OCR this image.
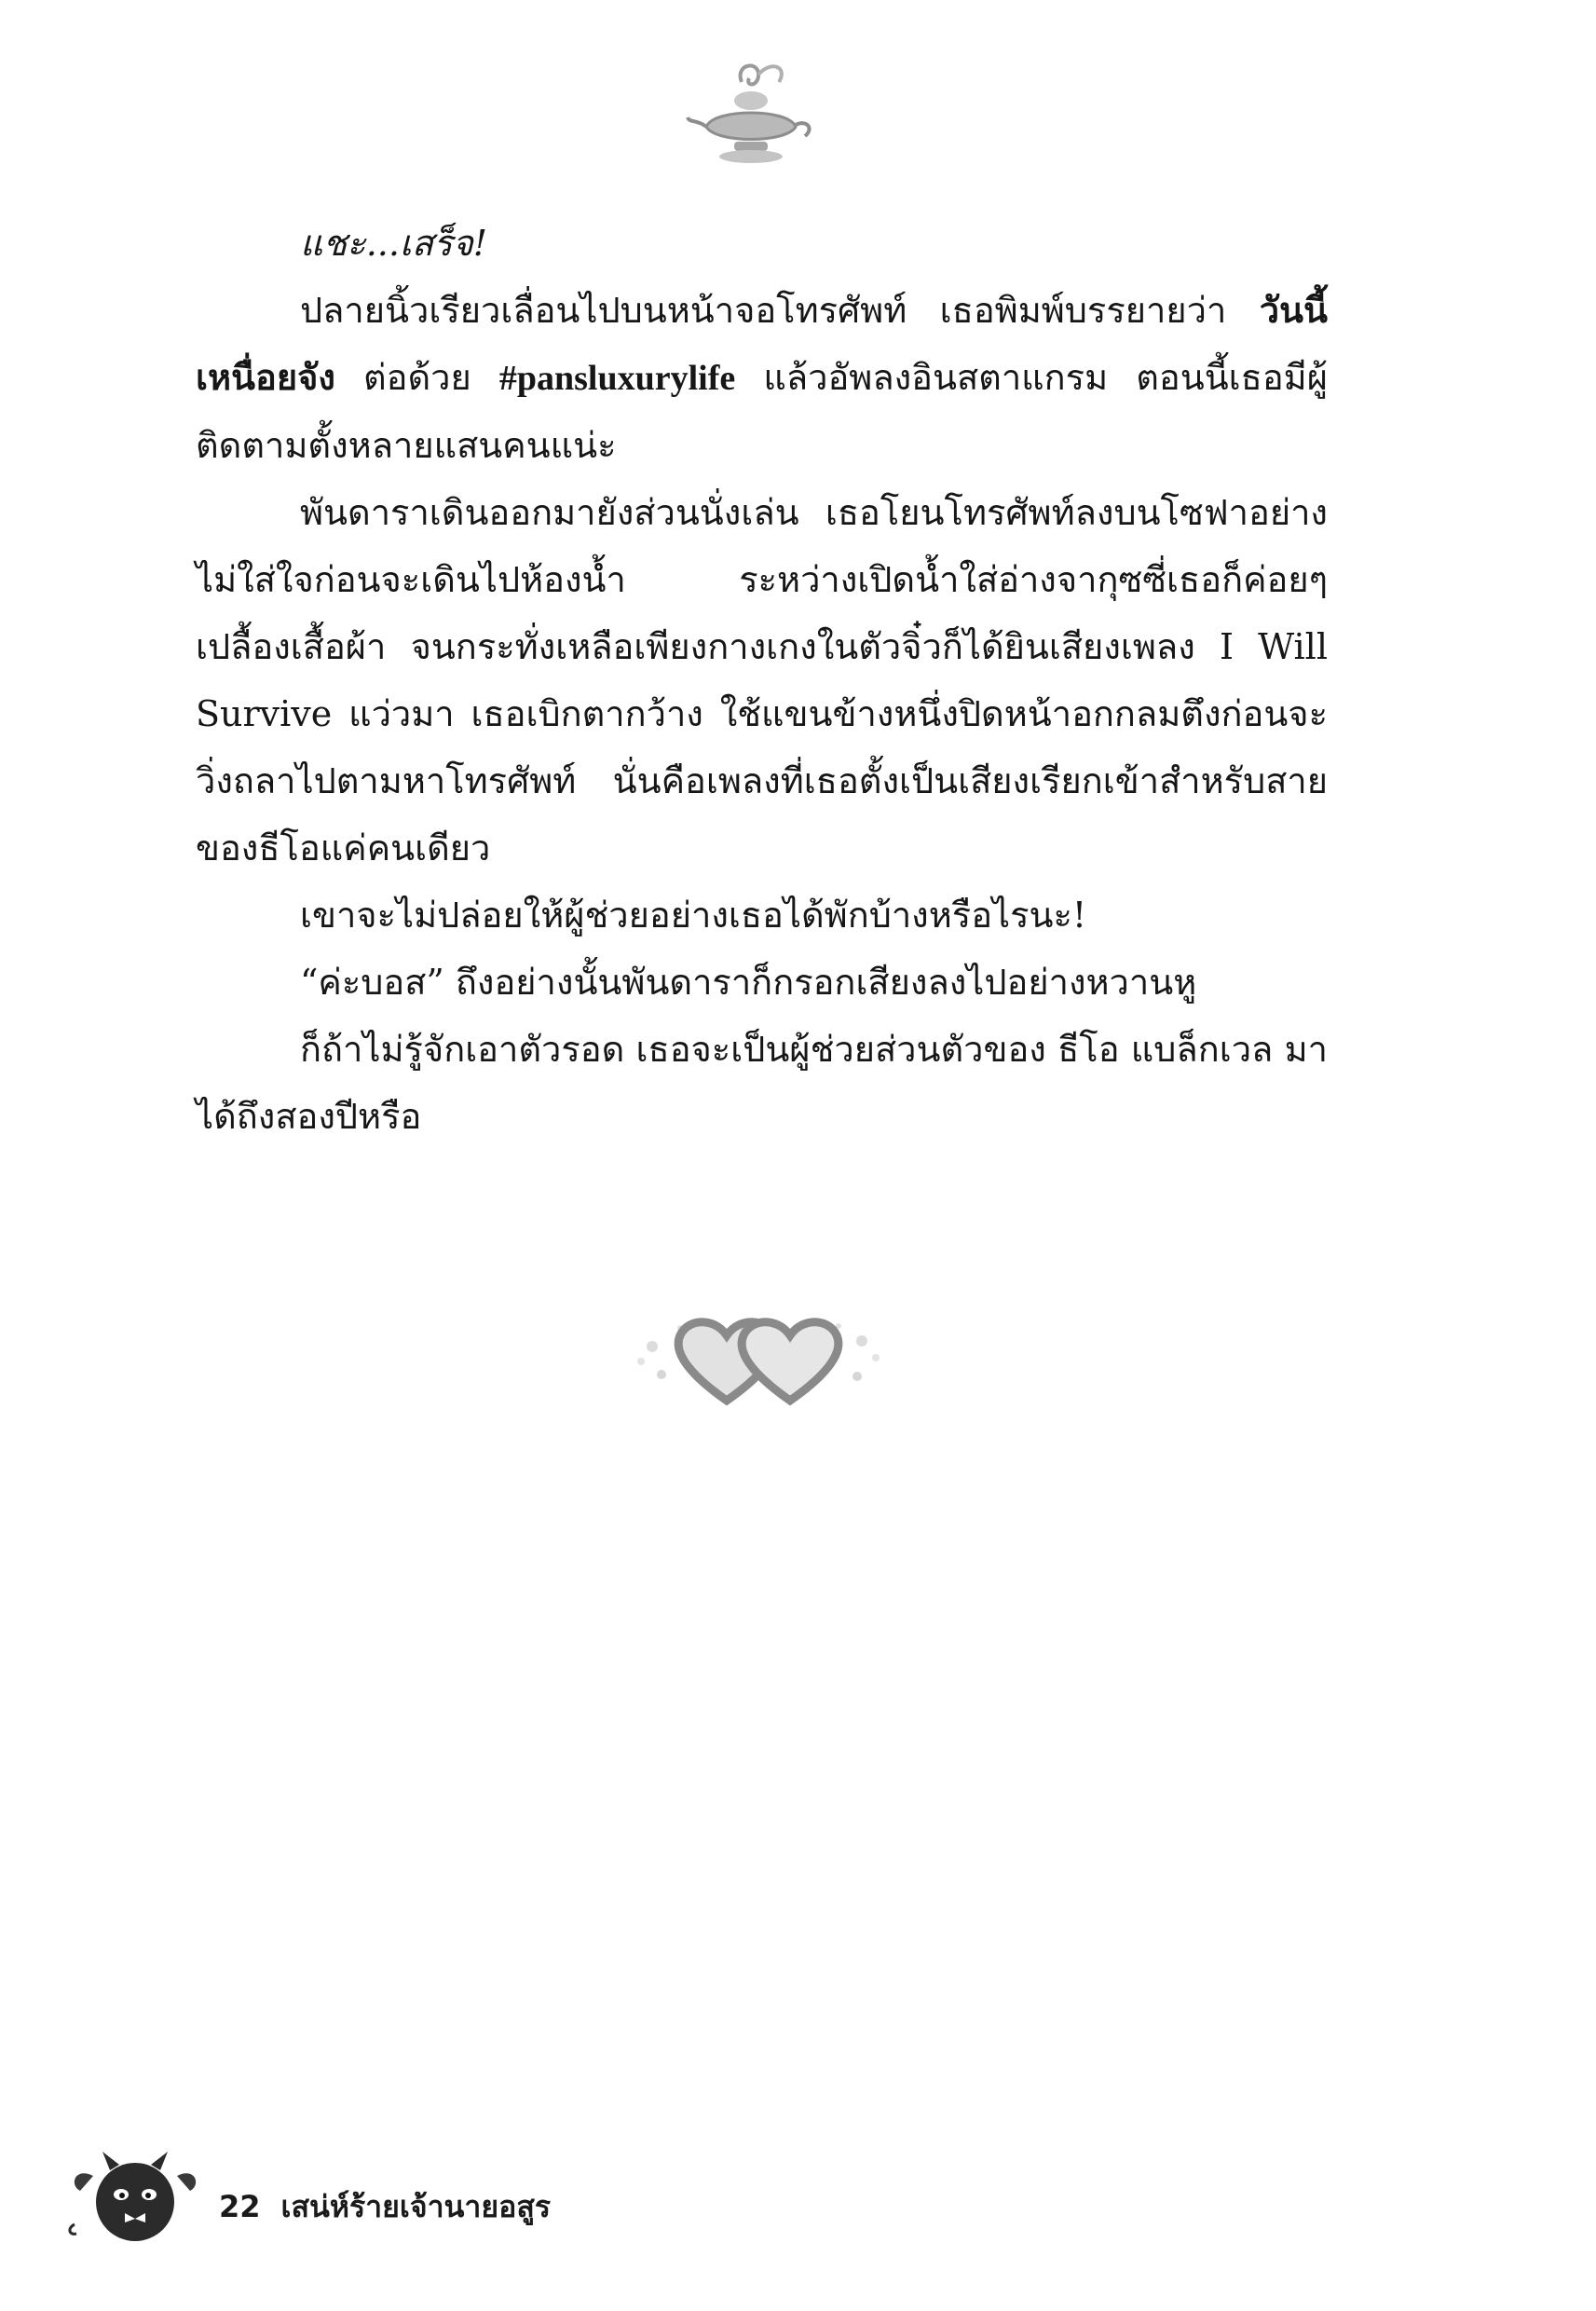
แชะ...เสร็จ!

ปลายนิ้วเรียวเลื่อนไปบนหน้าจอโทรศัพท์ เธอพิมพ์บรรยายว่า วันนี้เหนื่อยจัง ต่อด้วย #pansluxurylife แล้วอัพลงอินสตาแกรม ตอนนี้เธอมีผู้ติดตามตั้งหลายแสนคนแน่ะ

พันดาราเดินออกมายังส่วนนั่งเล่น เธอโยนโทรศัพท์ลงบนโซฟาอย่างไม่ใส่ใจก่อนจะเดินไปห้องน้ำ ระหว่างเปิดน้ำใส่อ่างจากุซซี่เธอก็ค่อยๆ เปลื้องเสื้อผ้า จนกระทั่งเหลือเพียงกางเกงในตัวจิ๋วก็ได้ยินเสียงเพลง I Will Survive แว่วมา เธอเบิกตากว้าง ใช้แขนข้างหนึ่งปิดหน้าอกกลมตึงก่อนจะวิ่งถลาไปตามหาโทรศัพท์ นั่นคือเพลงที่เธอตั้งเป็นเสียงเรียกเข้าสำหรับสายของธีโอแค่คนเดียว

เขาจะไม่ปล่อยให้ผู้ช่วยอย่างเธอได้พักบ้างหรือไรนะ!

“ค่ะบอส” ถึงอย่างนั้นพันดาราก็กรอกเสียงลงไปอย่างหวานหู

ก็ถ้าไม่รู้จักเอาตัวรอด เธอจะเป็นผู้ช่วยส่วนตัวของ ธีโอ แบล็กเวล มาได้ถึงสองปีหรือ

22 เสน่ห์ร้ายเจ้านายอสูร
